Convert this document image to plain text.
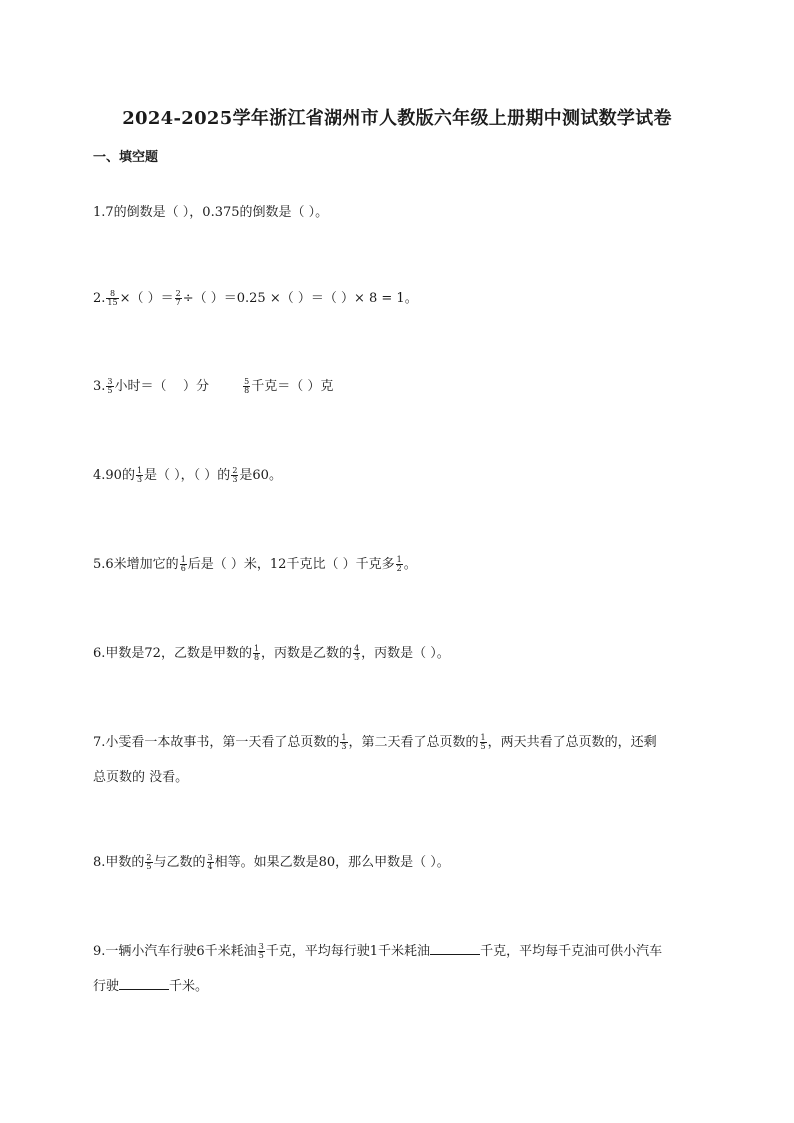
2024-2025学年浙江省湖州市人教版六年级上册期中测试数学试卷
一、填空题
1.7的倒数是（ ），0.375的倒数是（ ）。
2. $\frac{8}{15}$ ×（ ）＝ $\frac{2}{7}$ ÷（ ）＝0.25 ×（ ）＝（ ）× 8 = 1。
3. $\frac{3}{5}$ 小时＝（    ）分 $\frac{5}{8}$ 千克＝（ ）克
4.90的 $\frac{1}{3}$ 是（ ），（ ）的 $\frac{2}{3}$ 是60。
5.6米增加它的 $\frac{1}{6}$ 后是（ ）米，12千克比（ ）千克多 $\frac{1}{2}$ 。
6.甲数是72，乙数是甲数的 $\frac{1}{8}$ ，丙数是乙数的 $\frac{4}{3}$ ，丙数是（ ）。
7.小雯看一本故事书，第一天看了总页数的 $\frac{1}{3}$ ，第二天看了总页数的 $\frac{1}{5}$ ，两天共看了总页数的，还剩
总页数的 没看。
8.甲数的 $\frac{2}{5}$ 与乙数的 $\frac{3}{4}$ 相等。如果乙数是80，那么甲数是（ ）。
9.一辆小汽车行驶6千米耗油 $\frac{3}{5}$ 千克，平均每行驶1千米耗油	千克，平均每千克油可供小汽车
行驶	千米。
